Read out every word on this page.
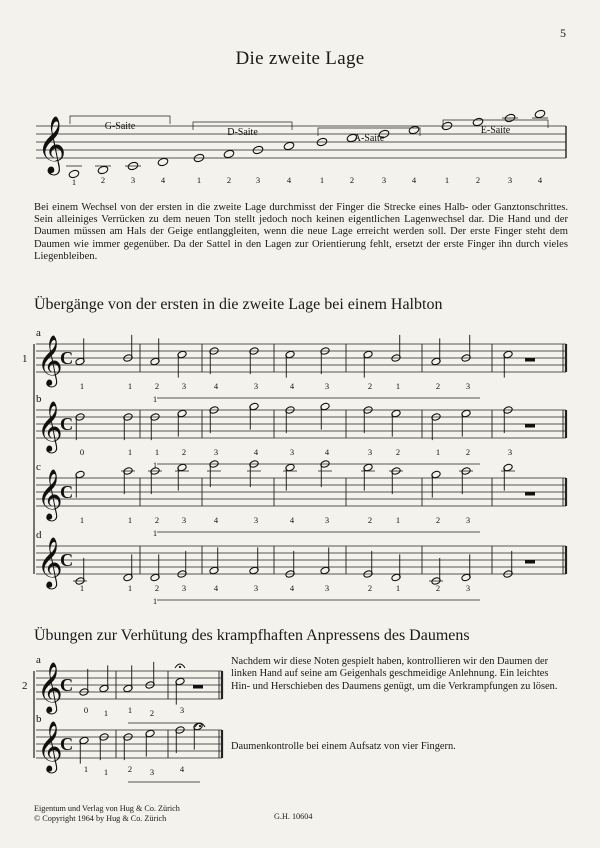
5
Die zweite Lage
𝄞
1	2	3	4
G-Saite
1	2	3	4
D-Saite
1	2	3	4
A-Saite
1	2	3	4
E-Saite
1 𝄞
C
a
1	1	2	3	4	3	4	3	2	1	2	3
1
𝄞
C
b
0	1	1	2	3	4	3	4	3	2	1	2	3
1
𝄞
C
c
1	1	2	3	4	3	4	3	2	1	2	3
1
𝄞
C
d
1	1	2	3	4	3	4	3	2	1	2	3
1
2 𝄞
C
a
0 1 1 2	3
𝄞
C
b
1 1 2 3	4
Bei einem Wechsel von der ersten in die zweite Lage durchmisst der Finger die Strecke eines Halb- oder Ganztonschrittes. Sein alleiniges Verrücken zu dem neuen Ton stellt jedoch noch keinen eigentlichen Lagenwechsel dar. Die Hand und der Daumen müssen am Hals der Geige entlanggleiten, wenn die neue Lage erreicht werden soll. Der erste Finger steht dem Daumen wie immer gegenüber. Da der Sattel in den Lagen zur Orientierung fehlt, ersetzt der erste Finger ihn durch vieles Liegenbleiben.
Übergänge von der ersten in die zweite Lage bei einem Halbton
Übungen zur Verhütung des krampfhaften Anpressens des Daumens
Nachdem wir diese Noten gespielt haben, kontrollieren wir den Daumen der linken Hand auf seine am Geigenhals geschmeidige Anlehnung. Ein leichtes Hin- und Herschieben des Daumens genügt, um die Verkrampfungen zu lösen.
Daumenkontrolle bei einem Aufsatz von vier Fingern.
Eigentum und Verlag von Hug & Co. Zürich
© Copyright 1964 by Hug & Co. Zürich	G.H. 10604
